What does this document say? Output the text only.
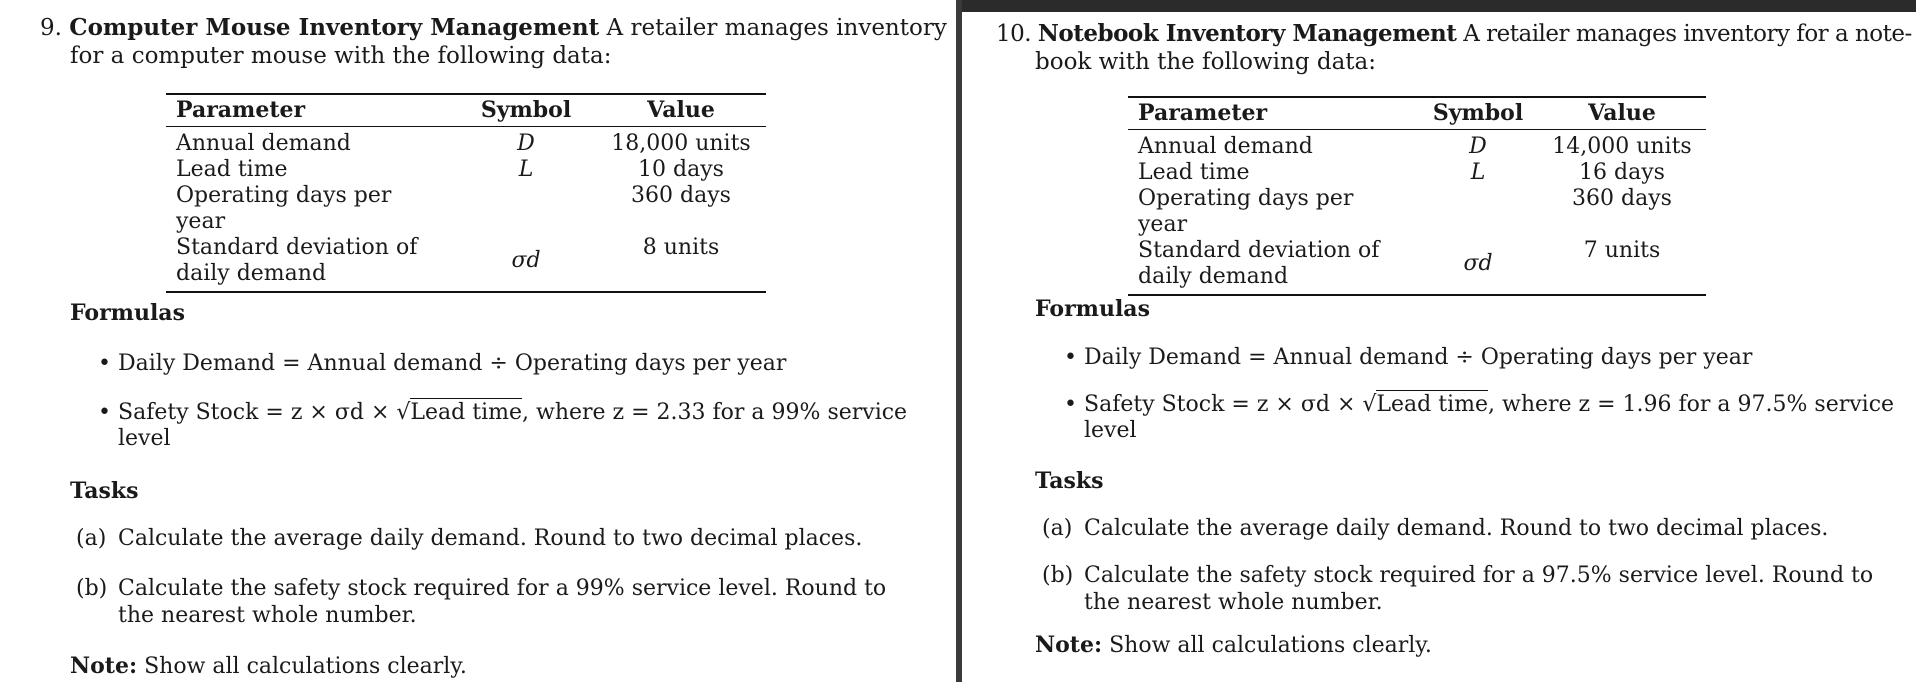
9. Computer Mouse Inventory Management A retailer manages inventory
for a computer mouse with the following data:
Parameter	Symbol	Value
Annual demand	D	18,000 units
Lead time	L	10 days
Operating days per year		360 days
Standard deviation of
daily demand	σd	8 units
Formulas
• Daily Demand = Annual demand ÷ Operating days per year
• Safety Stock = z × σd × √Lead time, where z = 2.33 for a 99% service
level
Tasks
(a) Calculate the average daily demand. Round to two decimal places.
(b) Calculate the safety stock required for a 99% service level. Round to
the nearest whole number.
Note: Show all calculations clearly.
10. Notebook Inventory Management A retailer manages inventory for a note-
book with the following data:
Parameter	Symbol	Value
Annual demand	D	14,000 units
Lead time	L	16 days
Operating days per year		360 days
Standard deviation of
daily demand	σd	7 units
Formulas
• Daily Demand = Annual demand ÷ Operating days per year
• Safety Stock = z × σd × √Lead time, where z = 1.96 for a 97.5% service
level
Tasks
(a) Calculate the average daily demand. Round to two decimal places.
(b) Calculate the safety stock required for a 97.5% service level. Round to
the nearest whole number.
Note: Show all calculations clearly.
